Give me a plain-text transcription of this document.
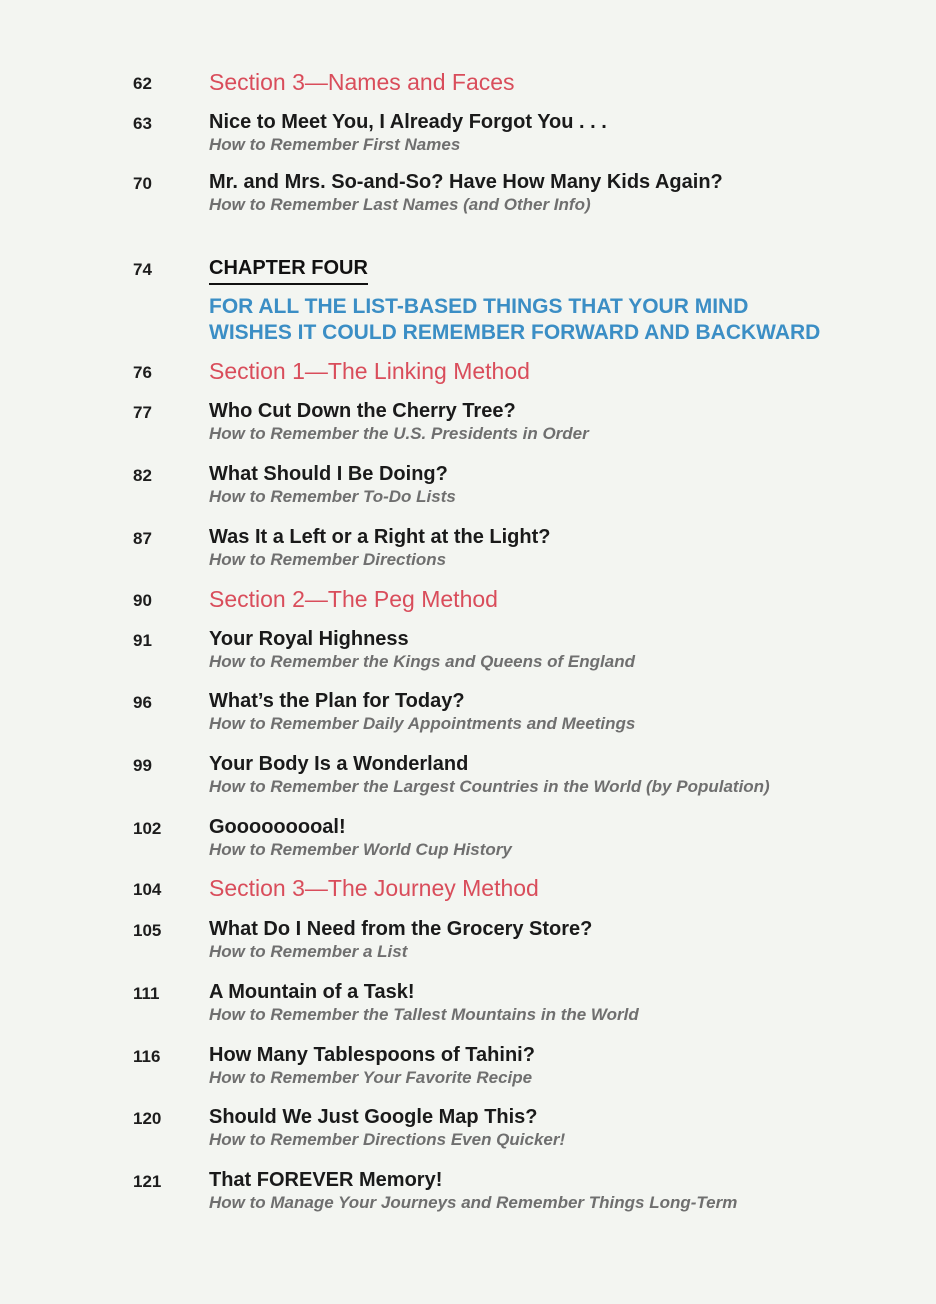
62 Section 3—Names and Faces
63	Nice to Meet You, I Already Forgot You . . .
How to Remember First Names
70	Mr. and Mrs. So-and-So? Have How Many Kids Again?
How to Remember Last Names (and Other Info)
74	CHAPTER FOUR
FOR ALL THE LIST-BASED THINGS THAT YOUR MIND
WISHES IT COULD REMEMBER FORWARD AND BACKWARD
76 Section 1—The Linking Method
77	Who Cut Down the Cherry Tree?
How to Remember the U.S. Presidents in Order
82	What Should I Be Doing?
How to Remember To-Do Lists
87	Was It a Left or a Right at the Light?
How to Remember Directions
90 Section 2—The Peg Method
91	Your Royal Highness
How to Remember the Kings and Queens of England
96	What’s the Plan for Today?
How to Remember Daily Appointments and Meetings
99	Your Body Is a Wonderland
How to Remember the Largest Countries in the World (by Population)
102 Gooooooooal!
How to Remember World Cup History
104 Section 3—The Journey Method
105 What Do I Need from the Grocery Store?
How to Remember a List
111 A Mountain of a Task!
How to Remember the Tallest Mountains in the World
116 How Many Tablespoons of Tahini?
How to Remember Your Favorite Recipe
120 Should We Just Google Map This?
How to Remember Directions Even Quicker!
121 That FOREVER Memory!
How to Manage Your Journeys and Remember Things Long-Term
